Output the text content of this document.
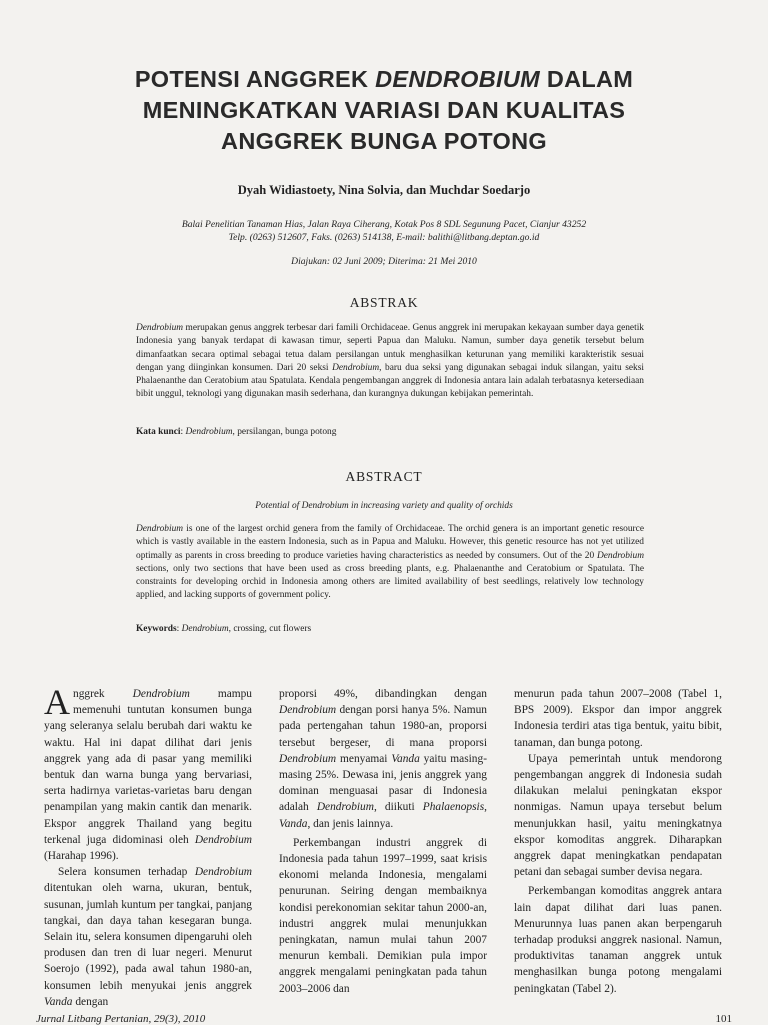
POTENSI ANGGREK DENDROBIUM DALAM
MENINGKATKAN VARIASI DAN KUALITAS
ANGGREK BUNGA POTONG
Dyah Widiastoety, Nina Solvia, dan Muchdar Soedarjo
Balai Penelitian Tanaman Hias, Jalan Raya Ciherang, Kotak Pos 8 SDL Segunung Pacet, Cianjur 43252
Telp. (0263) 512607, Faks. (0263) 514138, E-mail: balithi@litbang.deptan.go.id
Diajukan: 02 Juni 2009; Diterima: 21 Mei 2010
ABSTRAK

Dendrobium merupakan genus anggrek terbesar dari famili Orchidaceae. Genus anggrek ini merupakan kekayaan sumber daya genetik Indonesia yang banyak terdapat di kawasan timur, seperti Papua dan Maluku. Namun, sumber daya genetik tersebut belum dimanfaatkan secara optimal sebagai tetua dalam persilangan untuk menghasilkan keturunan yang memiliki karakteristik sesuai dengan yang diinginkan konsumen. Dari 20 seksi Dendrobium, baru dua seksi yang digunakan sebagai induk silangan, yaitu seksi Phalaenanthe dan Ceratobium atau Spatulata. Kendala pengembangan anggrek di Indonesia antara lain adalah terbatasnya ketersediaan bibit unggul, teknologi yang digunakan masih sederhana, dan kurangnya dukungan kebijakan pemerintah.

Kata kunci: Dendrobium, persilangan, bunga potong
ABSTRACT
Potential of Dendrobium in increasing variety and quality of orchids

Dendrobium is one of the largest orchid genera from the family of Orchidaceae. The orchid genera is an important genetic resource which is vastly available in the eastern Indonesia, such as in Papua and Maluku. However, this genetic resource has not yet utilized optimally as parents in cross breeding to produce varieties having characteristics as needed by consumers. Out of the 20 Dendrobium sections, only two sections that have been used as cross breeding plants, e.g. Phalaenanthe and Ceratobium or Spatulata. The constraints for developing orchid in Indonesia among others are limited availability of best seedlings, relatively low technology applied, and lacking supports of government policy.

Keywords: Dendrobium, crossing, cut flowers

Anggrek Dendrobium mampu memenuhi tuntutan konsumen bunga yang seleranya selalu berubah dari waktu ke waktu. Hal ini dapat dilihat dari jenis anggrek yang ada di pasar yang memiliki bentuk dan warna bunga yang bervariasi, serta hadirnya varietas-varietas baru dengan penampilan yang makin cantik dan menarik. Ekspor anggrek Thailand yang begitu terkenal juga didominasi oleh Dendrobium (Harahap 1996).

Selera konsumen terhadap Dendrobium ditentukan oleh warna, ukuran, bentuk, susunan, jumlah kuntum per tangkai, panjang tangkai, dan daya tahan kesegaran bunga. Selain itu, selera konsumen dipengaruhi oleh produsen dan tren di luar negeri. Menurut Soerojo (1992), pada awal tahun 1980-an, konsumen lebih menyukai jenis anggrek Vanda dengan

proporsi 49%, dibandingkan dengan Dendrobium dengan porsi hanya 5%. Namun pada pertengahan tahun 1980-an, proporsi tersebut bergeser, di mana proporsi Dendrobium menyamai Vanda yaitu masing-masing 25%. Dewasa ini, jenis anggrek yang dominan menguasai pasar di Indonesia adalah Dendrobium, diikuti Phalaenopsis, Vanda, dan jenis lainnya.

Perkembangan industri anggrek di Indonesia pada tahun 1997–1999, saat krisis ekonomi melanda Indonesia, mengalami penurunan. Seiring dengan membaiknya kondisi perekonomian sekitar tahun 2000-an, industri anggrek mulai menunjukkan peningkatan, namun mulai tahun 2007 menurun kembali. Demikian pula impor anggrek mengalami peningkatan pada tahun 2003–2006 dan

menurun pada tahun 2007–2008 (Tabel 1, BPS 2009). Ekspor dan impor anggrek Indonesia terdiri atas tiga bentuk, yaitu bibit, tanaman, dan bunga potong.

Upaya pemerintah untuk mendorong pengembangan anggrek di Indonesia sudah dilakukan melalui peningkatan ekspor nonmigas. Namun upaya tersebut belum menunjukkan hasil, yaitu meningkatnya ekspor komoditas anggrek. Diharapkan anggrek dapat meningkatkan pendapatan petani dan sebagai sumber devisa negara.

Perkembangan komoditas anggrek antara lain dapat dilihat dari luas panen. Menurunnya luas panen akan berpengaruh terhadap produksi anggrek nasional. Namun, produktivitas tanaman anggrek untuk menghasilkan bunga potong mengalami peningkatan (Tabel 2).

Jurnal Litbang Pertanian, 29(3), 2010	101
